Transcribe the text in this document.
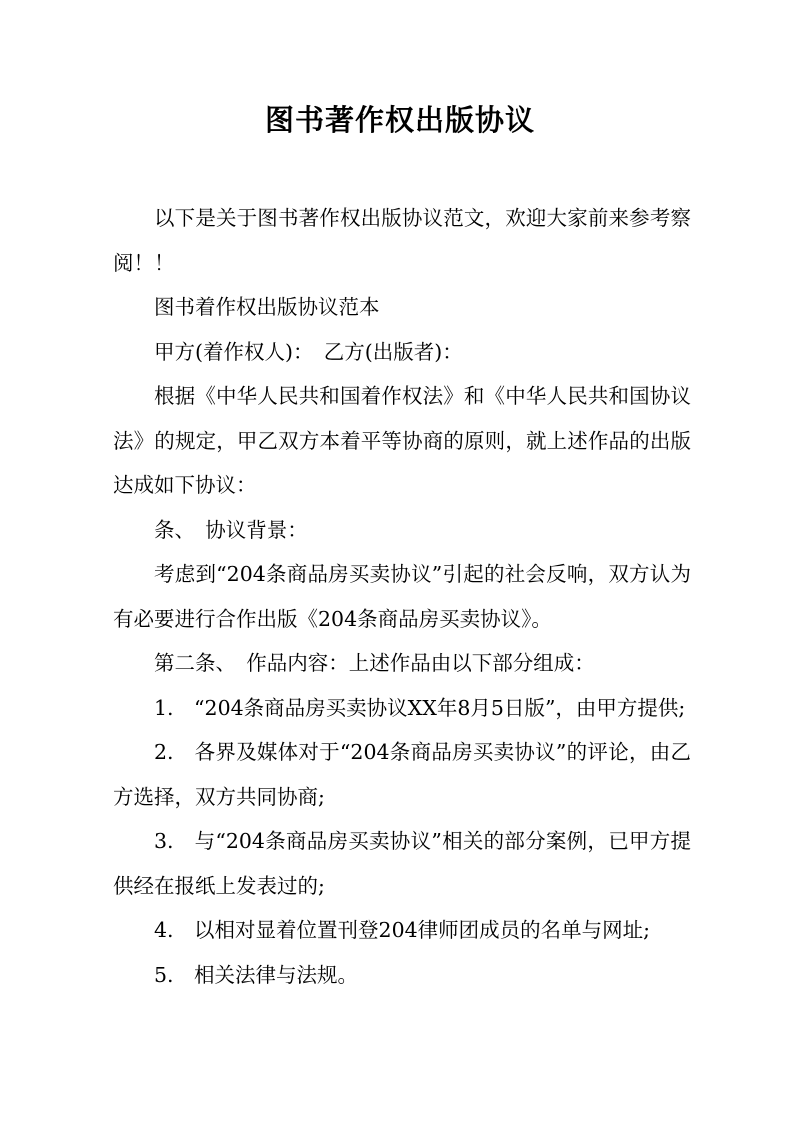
图书著作权出版协议

以下是关于图书著作权出版协议范文，欢迎大家前来参考察阅！！

图书着作权出版协议范本

甲方(着作权人)：　乙方(出版者)：

根据《中华人民共和国着作权法》和《中华人民共和国协议法》的规定，甲乙双方本着平等协商的原则，就上述作品的出版达成如下协议：

条、　协议背景：

考虑到“204条商品房买卖协议”引起的社会反响，双方认为有必要进行合作出版《204条商品房买卖协议》。

第二条、　作品内容：上述作品由以下部分组成：

1.　“204条商品房买卖协议XX年8月5日版”，由甲方提供;

2.　各界及媒体对于“204条商品房买卖协议”的评论，由乙方选择，双方共同协商;

3.　与“204条商品房买卖协议”相关的部分案例，已甲方提供经在报纸上发表过的;

4.　以相对显着位置刊登204律师团成员的名单与网址;

5.　相关法律与法规。
